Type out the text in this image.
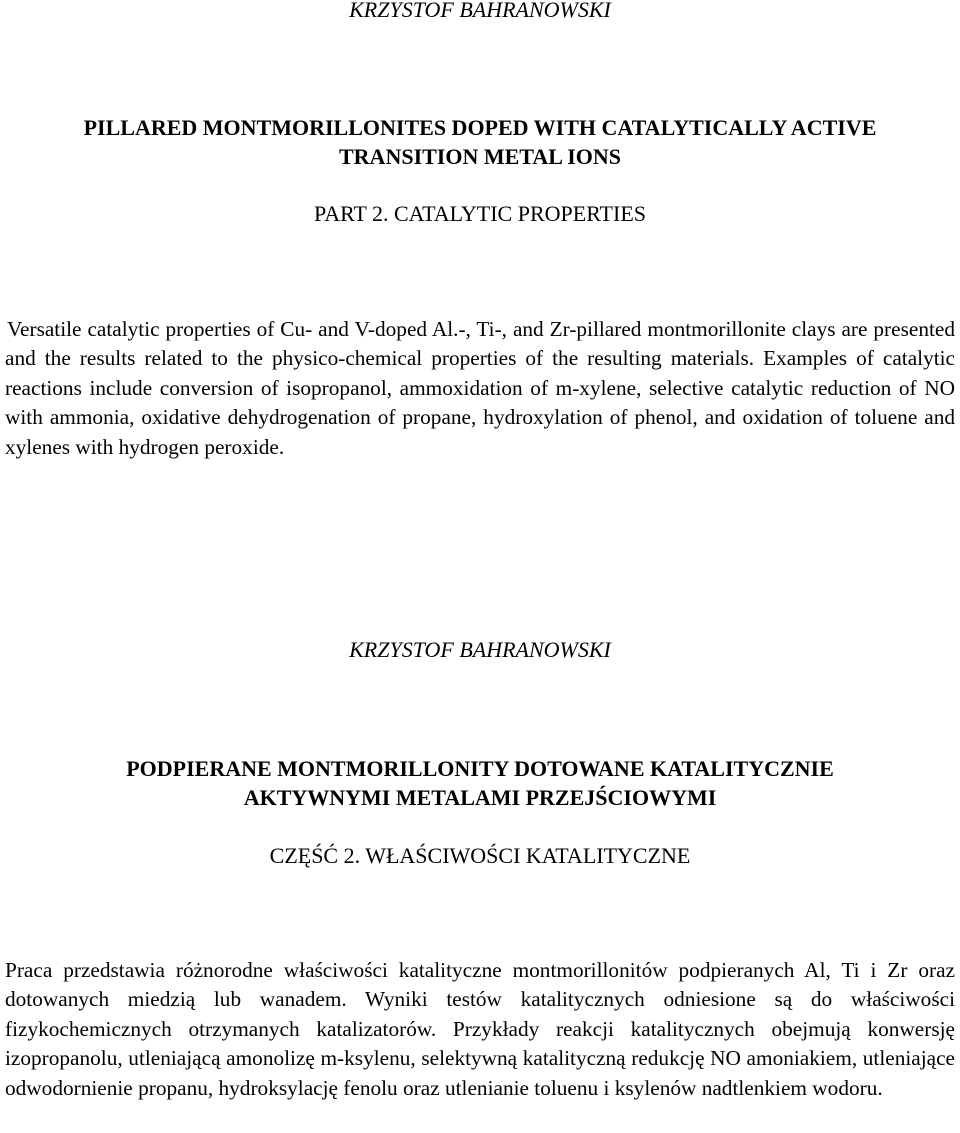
KRZYSTOF BAHRANOWSKI
PILLARED MONTMORILLONITES DOPED WITH CATALYTICALLY ACTIVE
TRANSITION METAL IONS
PART 2. CATALYTIC PROPERTIES
Versatile catalytic properties of Cu- and V-doped Al.-, Ti-, and Zr-pillared montmorillonite clays are presented and the results related to the physico-chemical properties of the resulting materials. Examples of catalytic reactions include conversion of isopropanol, ammoxidation of m-xylene, selective catalytic reduction of NO with ammonia, oxidative dehydrogenation of propane, hydroxylation of phenol, and oxidation of toluene and xylenes with hydrogen peroxide.
KRZYSTOF BAHRANOWSKI
PODPIERANE MONTMORILLONITY DOTOWANE KATALITYCZNIE
AKTYWNYMI METALAMI PRZEJŚCIOWYMI
CZĘŚĆ 2. WŁAŚCIWOŚCI KATALITYCZNE
Praca przedstawia różnorodne właściwości katalityczne montmorillonitów podpieranych Al, Ti i Zr oraz dotowanych miedzią lub wanadem. Wyniki testów katalitycznych odniesione są do właściwości fizykochemicznych otrzymanych katalizatorów. Przykłady reakcji katalitycznych obejmują konwersję izopropanolu, utleniającą amonolizę m-ksylenu, selektywną katalityczną redukcję NO amoniakiem, utleniające odwodornienie propanu, hydroksylację fenolu oraz utlenianie toluenu i ksylenów nadtlenkiem wodoru.
